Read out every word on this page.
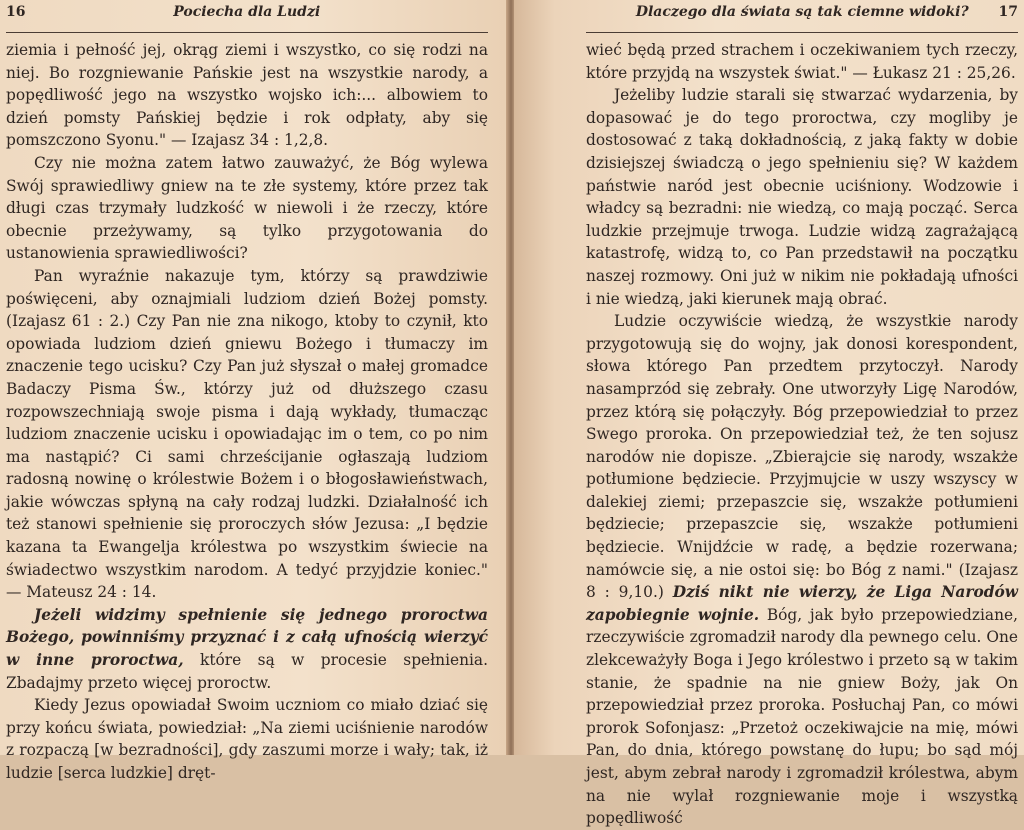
16	Pociecha dla Ludzi

ziemia i pełność jej, okrąg ziemi i wszystko, co się rodzi na niej. Bo rozgniewanie Pańskie jest na wszystkie narody, a popędliwość jego na wszystko wojsko ich:... albowiem to dzień pomsty Pańskiej będzie i rok odpłaty, aby się pomszczono Syonu." — Izajasz 34 : 1,2,8.

Czy nie można zatem łatwo zauważyć, że Bóg wylewa Swój sprawiedliwy gniew na te złe systemy, które przez tak długi czas trzymały ludzkość w niewoli i że rzeczy, które obecnie przeżywamy, są tylko przygotowania do ustanowienia sprawiedliwości?

Pan wyraźnie nakazuje tym, którzy są prawdziwie poświęceni, aby oznajmiali ludziom dzień Bożej pomsty. (Izajasz 61 : 2.) Czy Pan nie zna nikogo, ktoby to czynił, kto opowiada ludziom dzień gniewu Bożego i tłumaczy im znaczenie tego ucisku? Czy Pan już słyszał o małej gromadce Badaczy Pisma Św., którzy już od dłuższego czasu rozpowszechniają swoje pisma i dają wykłady, tłumacząc ludziom znaczenie ucisku i opowiadając im o tem, co po nim ma nastąpić? Ci sami chrześcijanie ogłaszają ludziom radosną nowinę o królestwie Bożem i o błogosławieństwach, jakie wówczas spłyną na cały rodzaj ludzki. Działalność ich też stanowi spełnienie się proroczych słów Jezusa: „I będzie kazana ta Ewangelja królestwa po wszystkim świecie na świadectwo wszystkim narodom. A tedyć przyjdzie koniec." — Mateusz 24 : 14.

Jeżeli widzimy spełnienie się jednego proroctwa Bożego, powinniśmy przyznać i z całą ufnością wierzyć w inne proroctwa, które są w procesie spełnienia. Zbadajmy przeto więcej proroctw.

Kiedy Jezus opowiadał Swoim uczniom co miało dziać się przy końcu świata, powiedział: „Na ziemi uciśnienie narodów z rozpaczą [w bezradności], gdy zaszumi morze i wały; tak, iż ludzie [serca ludzkie] dręt-

Dlaczego dla świata są tak ciemne widoki? 17

wieć będą przed strachem i oczekiwaniem tych rzeczy, które przyjdą na wszystek świat." — Łukasz 21 : 25,26.

Jeżeliby ludzie starali się stwarzać wydarzenia, by dopasować je do tego proroctwa, czy mogliby je dostosować z taką dokładnością, z jaką fakty w dobie dzisiejszej świadczą o jego spełnieniu się? W każdem państwie naród jest obecnie uciśniony. Wodzowie i władcy są bezradni: nie wiedzą, co mają począć. Serca ludzkie przejmuje trwoga. Ludzie widzą zagrażającą katastrofę, widzą to, co Pan przedstawił na początku naszej rozmowy. Oni już w nikim nie pokładają ufności i nie wiedzą, jaki kierunek mają obrać.

Ludzie oczywiście wiedzą, że wszystkie narody przygotowują się do wojny, jak donosi korespondent, słowa którego Pan przedtem przytoczył. Narody nasamprzód się zebrały. One utworzyły Ligę Narodów, przez którą się połączyły. Bóg przepowiedział to przez Swego proroka. On przepowiedział też, że ten sojusz narodów nie dopisze. „Zbierajcie się narody, wszakże potłumione będziecie. Przyjmujcie w uszy wszyscy w dalekiej ziemi; przepaszcie się, wszakże potłumieni będziecie; przepaszcie się, wszakże potłumieni będziecie. Wnijdźcie w radę, a będzie rozerwana; namówcie się, a nie ostoi się: bo Bóg z nami." (Izajasz 8 : 9,10.) Dziś nikt nie wierzy, że Liga Narodów zapobiegnie wojnie. Bóg, jak było przepowiedziane, rzeczywiście zgromadził narody dla pewnego celu. One zlekceważyły Boga i Jego królestwo i przeto są w takim stanie, że spadnie na nie gniew Boży, jak On przepowiedział przez proroka. Posłuchaj Pan, co mówi prorok Sofonjasz: „Przetoż oczekiwajcie na mię, mówi Pan, do dnia, którego powstanę do łupu; bo sąd mój jest, abym zebrał narody i zgromadził królestwa, abym na nie wylał rozgniewanie moje i wszystką popędliwość
